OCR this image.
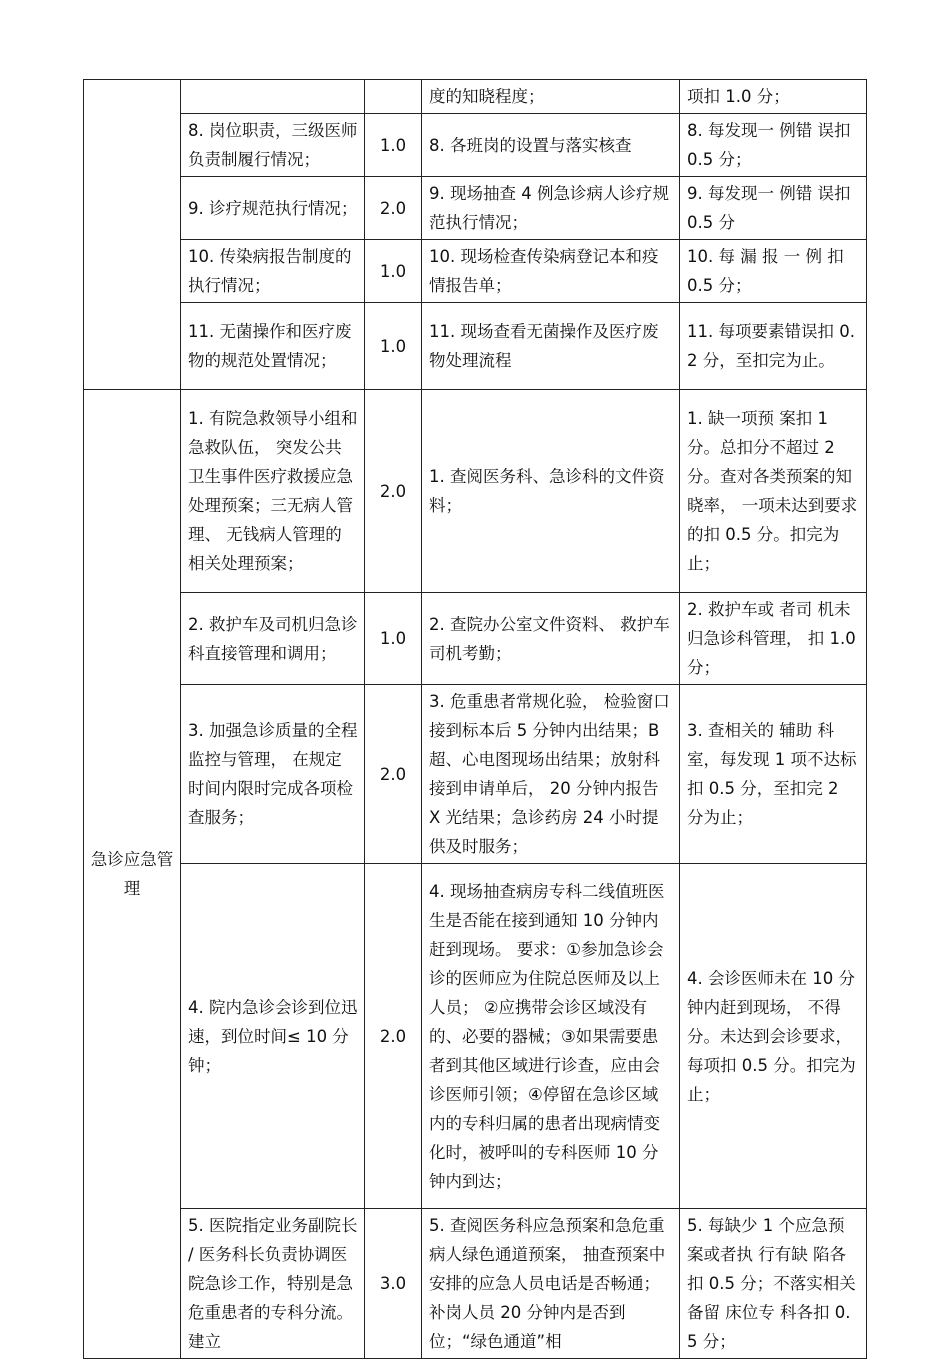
			度的知晓程度；	项扣 1.0 分；

	8. 岗位职责，三级医师负责制履行情况；	1.0	8. 各班岗的设置与落实核查	8. 每发现一 例错 误扣 0.5 分；

	9. 诊疗规范执行情况；	2.0	9. 现场抽查 4 例急诊病人诊疗规范执行情况；	9. 每发现一 例错 误扣 0.5 分

	10. 传染病报告制度的执行情况；	1.0	10. 现场检查传染病登记本和疫情报告单；	10. 每 漏 报 一 例 扣 0.5 分；

	11. 无菌操作和医疗废物的规范处置情况；	1.0	11. 现场查看无菌操作及医疗废物处理流程	11. 每项要素错误扣 0.2 分，至扣完为止。

急诊应急管理	1. 有院急救领导小组和急救队伍， 突发公共卫生事件医疗救援应急处理预案；三无病人管理、 无钱病人管理的相关处理预案；	2.0	1. 查阅医务科、急诊科的文件资料；	1. 缺一项预 案扣 1 分。总扣分不超过 2 分。查对各类预案的知晓率， 一项未达到要求的扣 0.5 分。扣完为止；

	2. 救护车及司机归急诊科直接管理和调用；	1.0	2. 查院办公室文件资料、 救护车司机考勤；	2. 救护车或 者司 机未归急诊科管理， 扣 1.0 分；

	3. 加强急诊质量的全程监控与管理， 在规定时间内限时完成各项检查服务；	2.0	3. 危重患者常规化验， 检验窗口接到标本后 5 分钟内出结果；B 超、心电图现场出结果；放射科接到申请单后， 20 分钟内报告 X 光结果；急诊药房 24 小时提供及时服务；	3. 查相关的 辅助 科室，每发现 1 项不达标扣 0.5 分，至扣完 2 分为止；

	4. 院内急诊会诊到位迅速，到位时间≤ 10 分钟；	2.0	4. 现场抽查病房专科二线值班医生是否能在接到通知 10 分钟内赶到现场。 要求：①参加急诊会诊的医师应为住院总医师及以上人员； ②应携带会诊区域没有的、必要的器械；③如果需要患者到其他区域进行诊查，应由会诊医师引领；④停留在急诊区域内的专科归属的患者出现病情变化时，被呼叫的专科医师 10 分钟内到达；	4. 会诊医师未在 10 分钟内赶到现场， 不得分。未达到会诊要求，每项扣 0.5 分。扣完为止；

	5. 医院指定业务副院长 / 医务科长负责协调医院急诊工作，特别是急危重患者的专科分流。建立	3.0	5. 查阅医务科应急预案和急危重病人绿色通道预案， 抽查预案中安排的应急人员电话是否畅通；补岗人员 20 分钟内是否到位；“绿色通道”相	5. 每缺少 1 个应急预案或者执 行有缺 陷各扣 0.5 分；不落实相关备留 床位专 科各扣 0.5 分；
